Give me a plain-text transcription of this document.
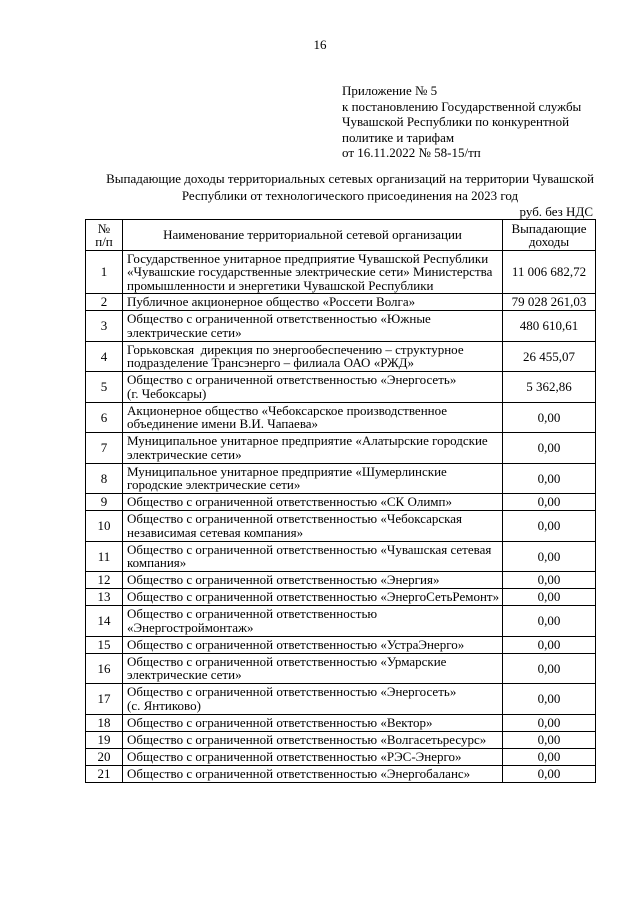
16
Приложение № 5
к постановлению Государственной службы
Чувашской Республики по конкурентной
политике и тарифам
от 16.11.2022 № 58-15/тп
Выпадающие доходы территориальных сетевых организаций на территории Чувашской
Республики от технологического присоединения на 2023 год
руб. без НДС
№
п/п	Наименование территориальной сетевой организации	Выпадающие
доходы

1	Государственное унитарное предприятие Чувашской Республики
«Чувашские государственные электрические сети» Министерства
промышленности и энергетики Чувашской Республики	11 006 682,72
2	Публичное акционерное общество «Россети Волга»	79 028 261,03
3	Общество с ограниченной ответственностью «Южные
электрические сети»	480 610,61
4	Горьковская  дирекция по энергообеспечению – структурное
подразделение Трансэнерго – филиала ОАО «РЖД»	26 455,07
5	Общество с ограниченной ответственностью «Энергосеть»
(г. Чебоксары)	5 362,86
6	Акционерное общество «Чебоксарское производственное
объединение имени В.И. Чапаева»	0,00
7	Муниципальное унитарное предприятие «Алатырские городские
электрические сети»	0,00
8	Муниципальное унитарное предприятие «Шумерлинские
городские электрические сети»	0,00
9	Общество с ограниченной ответственностью «СК Олимп»	0,00
10	Общество с ограниченной ответственностью «Чебоксарская
независимая сетевая компания»	0,00
11	Общество с ограниченной ответственностью «Чувашская сетевая
компания»	0,00
12	Общество с ограниченной ответственностью «Энергия»	0,00
13	Общество с ограниченной ответственностью «ЭнергоСетьРемонт»	0,00
14	Общество с ограниченной ответственностью
«Энергостроймонтаж»	0,00
15	Общество с ограниченной ответственностью «УстраЭнерго»	0,00
16	Общество с ограниченной ответственностью «Урмарские
электрические сети»	0,00
17	Общество с ограниченной ответственностью «Энергосеть»
(с. Янтиково)	0,00
18	Общество с ограниченной ответственностью «Вектор»	0,00
19	Общество с ограниченной ответственностью «Волгасетьресурс»	0,00
20	Общество с ограниченной ответственностью «РЭС-Энерго»	0,00
21	Общество с ограниченной ответственностью «Энергобаланс»	0,00
